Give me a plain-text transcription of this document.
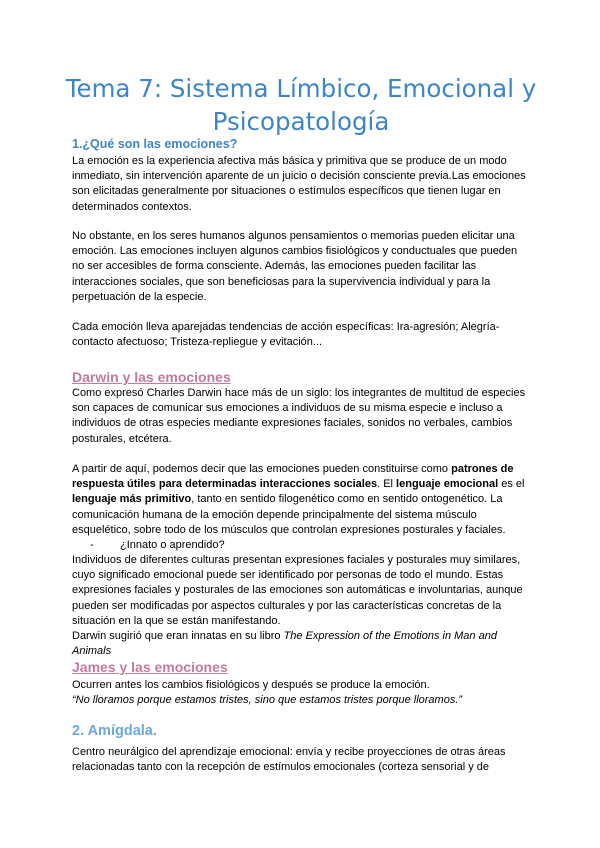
Tema 7: Sistema Límbico, Emocional y
Psicopatología
1.¿Qué son las emociones?

La emoción es la experiencia afectiva más básica y primitiva que se produce de un modo inmediato, sin intervención aparente de un juicio o decisión consciente previa.Las emociones son elicitadas generalmente por situaciones o estímulos específicos que tienen lugar en determinados contextos.

No obstante, en los seres humanos algunos pensamientos o memorias pueden elicitar una emoción. Las emociones incluyen algunos cambios fisiológicos y conductuales que pueden no ser accesibles de forma consciente. Además, las emociones pueden facilitar las interacciones sociales, que son beneficiosas para la supervivencia individual y para la perpetuación de la especie.

Cada emoción lleva aparejadas tendencias de acción específicas: Ira-agresión; Alegría-contacto afectuoso; Tristeza-repliegue y evitación...

Darwin y las emociones

Como expresó Charles Darwin hace más de un siglo: los integrantes de multitud de especies son capaces de comunicar sus emociones a individuos de su misma especie e incluso a individuos de otras especies mediante expresiones faciales, sonidos no verbales, cambios posturales, etcétera.

A partir de aquí, podemos decir que las emociones pueden constituirse como patrones de respuesta útiles para determinadas interacciones sociales. El lenguaje emocional es el lenguaje más primitivo, tanto en sentido filogenético como en sentido ontogenético. La comunicación humana de la emoción depende principalmente del sistema músculo esquelético, sobre todo de los músculos que controlan expresiones posturales y faciales.

- ¿Innato o aprendido?

Individuos de diferentes culturas presentan expresiones faciales y posturales muy similares, cuyo significado emocional puede ser identificado por personas de todo el mundo. Estas expresiones faciales y posturales de las emociones son automáticas e involuntarias, aunque pueden ser modificadas por aspectos culturales y por las características concretas de la situación en la que se están manifestando.

Darwin sugirió que eran innatas en su libro The Expression of the Emotions in Man and Animals

James y las emociones

Ocurren antes los cambios fisiológicos y después se produce la emoción.

“No lloramos porque estamos tristes, sino que estamos tristes porque lloramos.”

2. Amígdala.

Centro neurálgico del aprendizaje emocional: envía y recibe proyecciones de otras áreas relacionadas tanto con la recepción de estímulos emocionales (corteza sensorial y de
